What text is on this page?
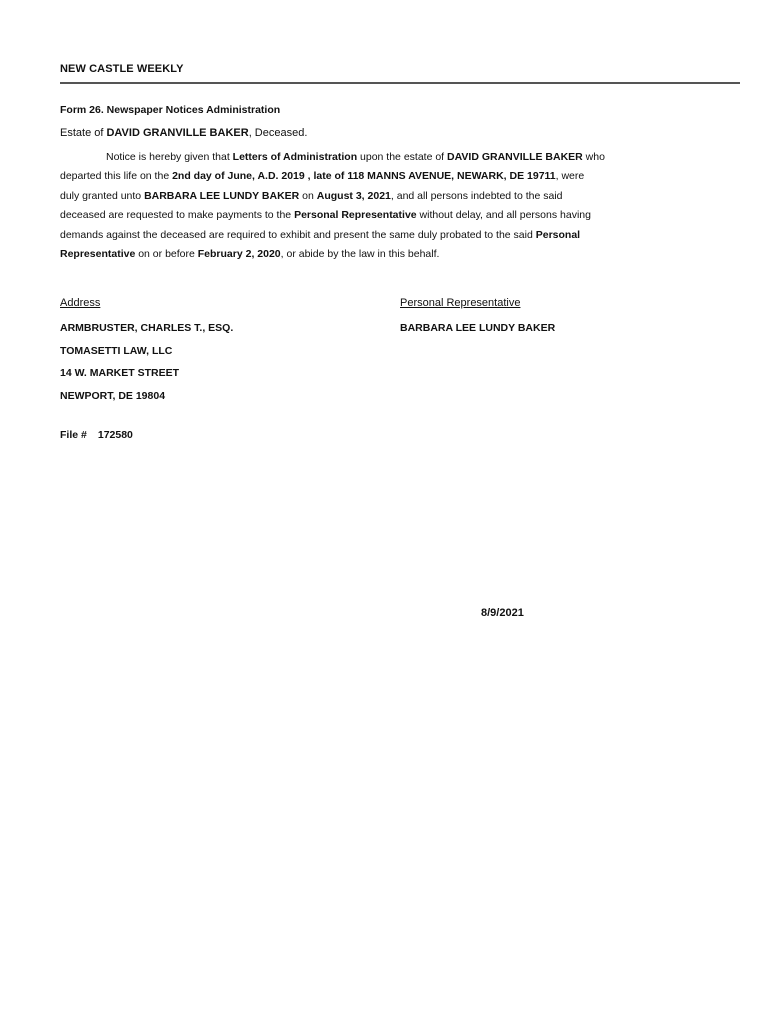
NEW CASTLE WEEKLY
Form 26. Newspaper Notices Administration
Estate of DAVID GRANVILLE BAKER, Deceased.

Notice is hereby given that Letters of Administration upon the estate of DAVID GRANVILLE BAKER who

departed this life on the 2nd day of June, A.D. 2019 , late of 118 MANNS AVENUE, NEWARK, DE 19711, were

duly granted unto BARBARA LEE LUNDY BAKER on August 3, 2021, and all persons indebted to the said

deceased are requested to make payments to the Personal Representative without delay, and all persons having

demands against the deceased are required to exhibit and present the same duly probated to the said Personal

Representative on or before February 2, 2020, or abide by the law in this behalf.

Address	Personal Representative
ARMBRUSTER, CHARLES T., ESQ.	BARBARA LEE LUNDY BAKER
TOMASETTI LAW, LLC
14 W. MARKET STREET
NEWPORT, DE 19804
File # 172580
8/9/2021
